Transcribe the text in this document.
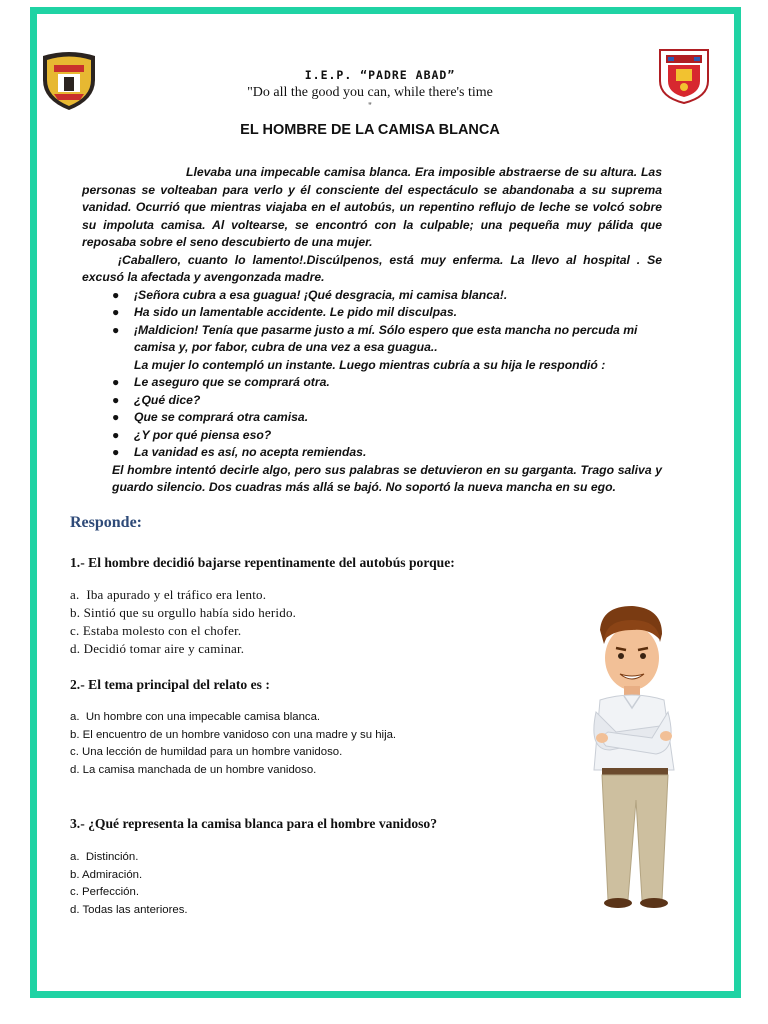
I.E.P. “PADRE ABAD”
"Do all the good you can, while there's time
"
EL HOMBRE DE LA CAMISA BLANCA

Llevaba una impecable camisa blanca. Era imposible abstraerse de su altura. Las personas se volteaban para verlo y él consciente del espectáculo se abandonaba a su suprema vanidad. Ocurrió que mientras viajaba en el autobús, un repentino reflujo de leche se volcó sobre su impoluta camisa. Al voltearse, se encontró con la culpable; una pequeña muy pálida que reposaba sobre el seno descubierto de una mujer.

¡Caballero, cuanto lo lamento!.Discúlpenos, está muy enferma. La llevo al hospital . Se excusó la afectada y avengonzada madre.

● ¡Señora cubra a esa guagua! ¡Qué desgracia, mi camisa blanca!.
● Ha sido un lamentable accidente. Le pido mil disculpas.
● ¡Maldicion! Tenía que pasarme justo a mí. Sólo espero que esta mancha no percuda mi camisa y, por fabor, cubra de una vez a esa guagua..
La mujer lo contempló un instante. Luego mientras cubría a su hija le respondió :
● Le aseguro que se comprará otra.
● ¿Qué dice?
● Que se comprará otra camisa.
● ¿Y por qué piensa eso?
● La vanidad es así, no acepta remiendas.
El hombre intentó decirle algo, pero sus palabras se detuvieron en su garganta. Trago saliva y guardo silencio. Dos cuadras más allá se bajó. No soportó la nueva mancha en su ego.
Responde:
1.- El hombre decidió bajarse repentinamente del autobús porque:
a.  Iba apurado y el tráfico era lento.
b. Sintió que su orgullo había sido herido.
c. Estaba molesto con el chofer.
d. Decidió tomar aire y caminar.
2.- El tema principal del relato es :
a.  Un hombre con una impecable camisa blanca.
b. El encuentro de un hombre vanidoso con una madre y su hija.
c. Una lección de humildad para un hombre vanidoso.
d. La camisa manchada de un hombre vanidoso.
3.- ¿Qué representa la camisa blanca para el hombre vanidoso?
a.  Distinción.
b. Admiración.
c. Perfección.
d. Todas las anteriores.
